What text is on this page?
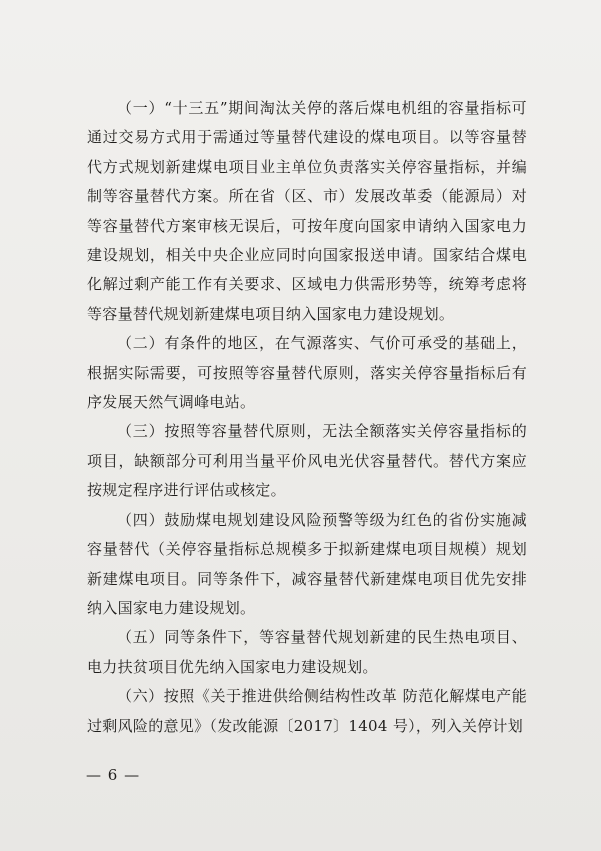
（一）“十三五”期间淘汰关停的落后煤电机组的容量指标可通过交易方式用于需通过等量替代建设的煤电项目。以等容量替代方式规划新建煤电项目业主单位负责落实关停容量指标，并编制等容量替代方案。所在省（区、市）发展改革委（能源局）对等容量替代方案审核无误后，可按年度向国家申请纳入国家电力建设规划，相关中央企业应同时向国家报送申请。国家结合煤电化解过剩产能工作有关要求、区域电力供需形势等，统筹考虑将等容量替代规划新建煤电项目纳入国家电力建设规划。

（二）有条件的地区，在气源落实、气价可承受的基础上，根据实际需要，可按照等容量替代原则，落实关停容量指标后有序发展天然气调峰电站。

（三）按照等容量替代原则，无法全额落实关停容量指标的项目，缺额部分可利用当量平价风电光伏容量替代。替代方案应按规定程序进行评估或核定。

（四）鼓励煤电规划建设风险预警等级为红色的省份实施减容量替代（关停容量指标总规模多于拟新建煤电项目规模）规划新建煤电项目。同等条件下，减容量替代新建煤电项目优先安排纳入国家电力建设规划。

（五）同等条件下，等容量替代规划新建的民生热电项目、电力扶贫项目优先纳入国家电力建设规划。

（六）按照《关于推进供给侧结构性改革 防范化解煤电产能过剩风险的意见》（发改能源〔2017〕1404 号），列入关停计划

— 6 —
